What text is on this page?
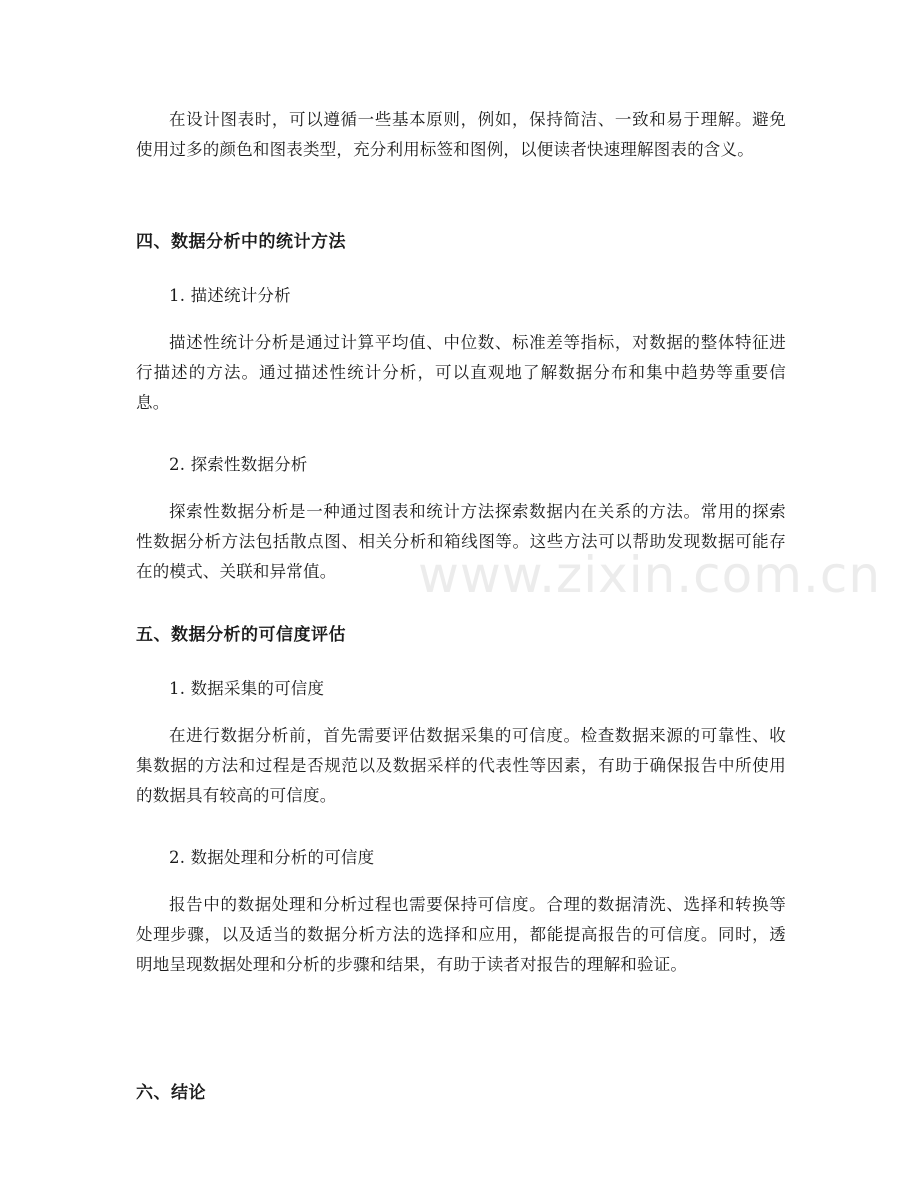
www.zixin.com.cn

在设计图表时，可以遵循一些基本原则，例如，保持简洁、一致和易于理解。避免使用过多的颜色和图表类型，充分利用标签和图例，以便读者快速理解图表的含义。

四、数据分析中的统计方法

1. 描述统计分析

描述性统计分析是通过计算平均值、中位数、标准差等指标，对数据的整体特征进行描述的方法。通过描述性统计分析，可以直观地了解数据分布和集中趋势等重要信息。

2. 探索性数据分析

探索性数据分析是一种通过图表和统计方法探索数据内在关系的方法。常用的探索性数据分析方法包括散点图、相关分析和箱线图等。这些方法可以帮助发现数据可能存在的模式、关联和异常值。

五、数据分析的可信度评估

1. 数据采集的可信度

在进行数据分析前，首先需要评估数据采集的可信度。检查数据来源的可靠性、收集数据的方法和过程是否规范以及数据采样的代表性等因素，有助于确保报告中所使用的数据具有较高的可信度。

2. 数据处理和分析的可信度

报告中的数据处理和分析过程也需要保持可信度。合理的数据清洗、选择和转换等处理步骤，以及适当的数据分析方法的选择和应用，都能提高报告的可信度。同时，透明地呈现数据处理和分析的步骤和结果，有助于读者对报告的理解和验证。

六、结论
